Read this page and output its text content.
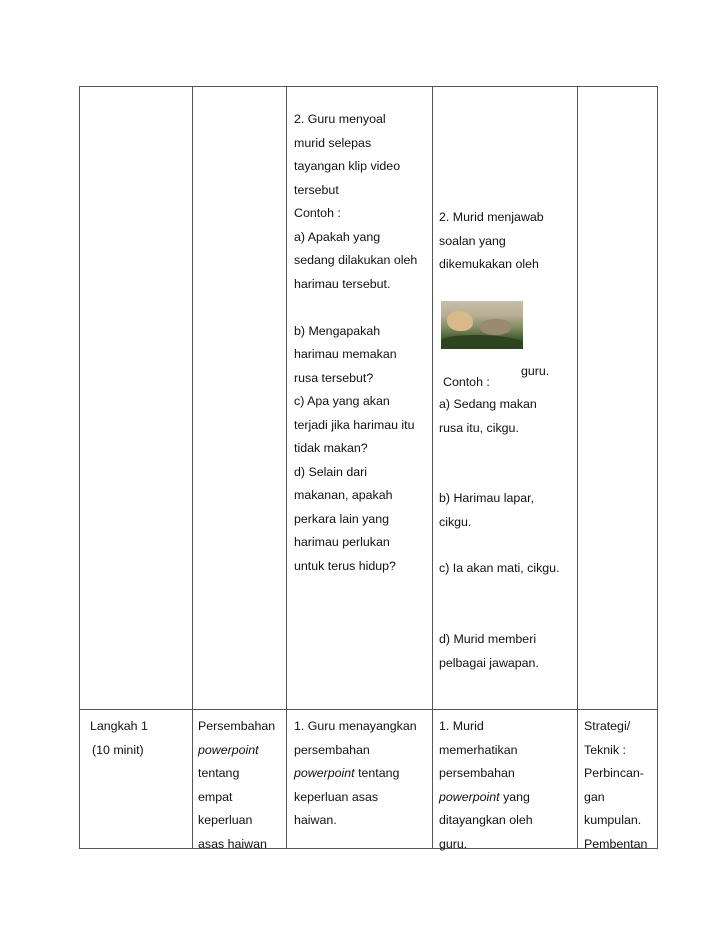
2. Guru menyoal
murid selepas
tayangan klip video
tersebut
Contoh :
a) Apakah yang
sedang dilakukan oleh
harimau tersebut.
b) Mengapakah
harimau memakan
rusa tersebut?
c) Apa yang akan
terjadi jika harimau itu
tidak makan?
d) Selain dari
makanan, apakah
perkara lain yang
harimau perlukan
untuk terus hidup?
2. Murid menjawab
soalan yang
dikemukakan oleh
guru.
Contoh :
a) Sedang makan
rusa itu, cikgu.
b) Harimau lapar,
cikgu.
c) Ia akan mati, cikgu.
d) Murid memberi
pelbagai jawapan.
Langkah 1
(10 minit)
Persembahan
powerpoint
tentang
empat
keperluan
asas haiwan
1. Guru menayangkan
persembahan
powerpoint tentang
keperluan asas
haiwan.
1. Murid
memerhatikan
persembahan
powerpoint yang
ditayangkan oleh
guru.
Strategi/
Teknik :
Perbincan-
gan
kumpulan.
Pembentan
